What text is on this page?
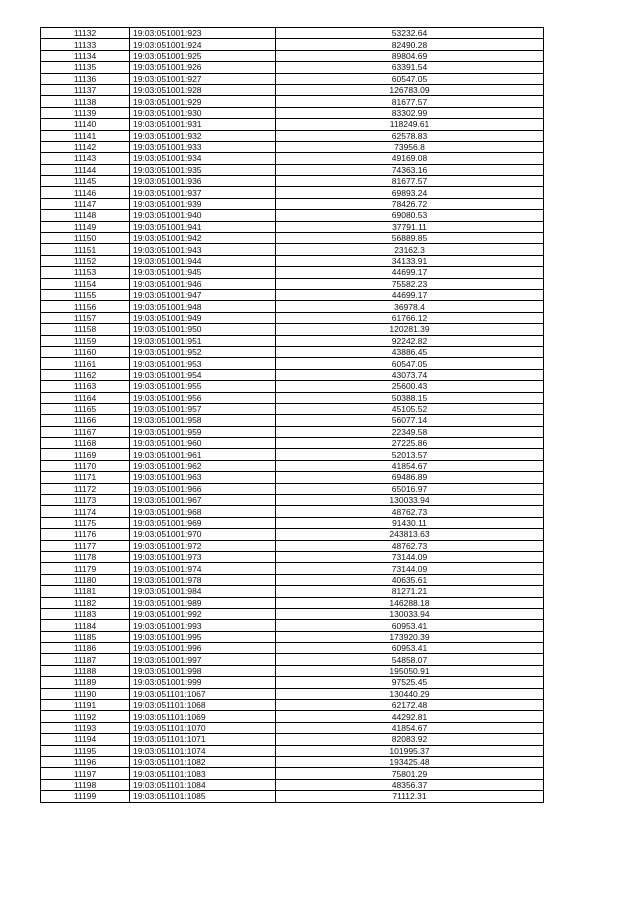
11132	19:03:051001:923	53232.64
11133	19:03:051001:924	82490.28
11134	19:03:051001:925	89804.69
11135	19:03:051001:926	63391.54
11136	19:03:051001:927	60547.05
11137	19:03:051001:928	126783.09
11138	19:03:051001:929	81677.57
11139	19:03:051001:930	83302.99
11140	19:03:051001:931	118249.61
11141	19:03:051001:932	62578.83
11142	19:03:051001:933	73956.8
11143	19:03:051001:934	49169.08
11144	19:03:051001:935	74363.16
11145	19:03:051001:936	81677.57
11146	19:03:051001:937	69893.24
11147	19:03:051001:939	78426.72
11148	19:03:051001:940	69080.53
11149	19:03:051001:941	37791.11
11150	19:03:051001:942	56889.85
11151	19:03:051001:943	23162.3
11152	19:03:051001:944	34133.91
11153	19:03:051001:945	44699.17
11154	19:03:051001:946	75582.23
11155	19:03:051001:947	44699.17
11156	19:03:051001:948	36978.4
11157	19:03:051001:949	61766.12
11158	19:03:051001:950	120281.39
11159	19:03:051001:951	92242.82
11160	19:03:051001:952	43886.45
11161	19:03:051001:953	60547.05
11162	19:03:051001:954	43073.74
11163	19:03:051001:955	25600.43
11164	19:03:051001:956	50388.15
11165	19:03:051001:957	45105.52
11166	19:03:051001:958	56077.14
11167	19:03:051001:959	22349.58
11168	19:03:051001:960	27225.86
11169	19:03:051001:961	52013.57
11170	19:03:051001:962	41854.67
11171	19:03:051001:963	69486.89
11172	19:03:051001:966	65016.97
11173	19:03:051001:967	130033.94
11174	19:03:051001:968	48762.73
11175	19:03:051001:969	91430.11
11176	19:03:051001:970	243813.63
11177	19:03:051001:972	48762.73
11178	19:03:051001:973	73144.09
11179	19:03:051001:974	73144.09
11180	19:03:051001:978	40635.61
11181	19:03:051001:984	81271.21
11182	19:03:051001:989	146288.18
11183	19:03:051001:992	130033.94
11184	19:03:051001:993	60953.41
11185	19:03:051001:995	173920.39
11186	19:03:051001:996	60953.41
11187	19:03:051001:997	54858.07
11188	19:03:051001:998	195050.91
11189	19:03:051001:999	97525.45
11190	19:03:051101:1067	130440.29
11191	19:03:051101:1068	62172.48
11192	19:03:051101:1069	44292.81
11193	19:03:051101:1070	41854.67
11194	19:03:051101:1071	82083.92
11195	19:03:051101:1074	101995.37
11196	19:03:051101:1082	193425.48
11197	19:03:051101:1083	75801.29
11198	19:03:051101:1084	48356.37
11199	19:03:051101:1085	71112.31
